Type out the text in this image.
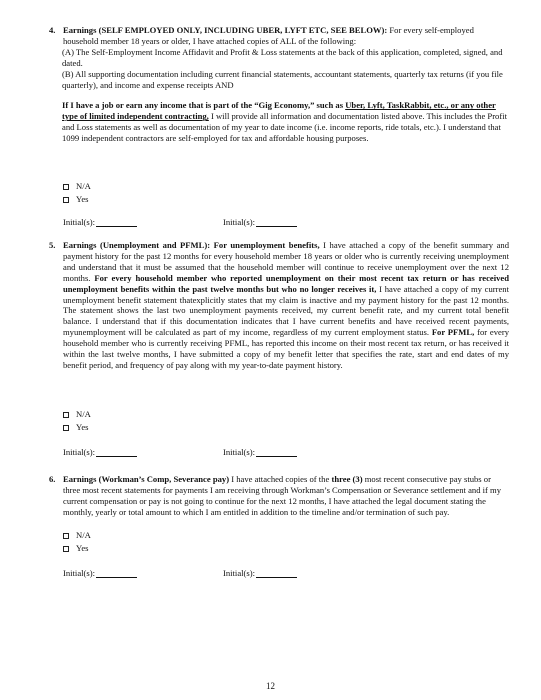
4. Earnings (SELF EMPLOYED ONLY, INCLUDING UBER, LYFT ETC, SEE BELOW): For every self-employed household member 18 years or older, I have attached copies of ALL of the following:

(A) The Self-Employment Income Affidavit and Profit & Loss statements at the back of this application, completed, signed, and dated.

(B) All supporting documentation including current financial statements, accountant statements, quarterly tax returns (if you file quarterly), and income and expense receipts AND

If I have a job or earn any income that is part of the “Gig Economy,” such as Uber, Lyft, TaskRabbit, etc., or any other type of limited independent contracting, I will provide all information and documentation listed above. This includes the Profit and Loss statements as well as documentation of my year to date income (i.e. income reports, ride totals, etc.). I understand that 1099 independent contractors are self-employed for tax and affordable housing purposes.

N/A
Yes
Initial(s):	Initial(s):
5. Earnings (Unemployment and PFML): For unemployment benefits, I have attached a copy of the benefit summary and payment history for the past 12 months for every household member 18 years or older who is currently receiving unemployment and understand that it must be assumed that the household member will continue to receive unemployment over the next 12 months. For every household member who reported unemployment on their most recent tax return or has received unemployment benefits within the past twelve months but who no longer receives it, I have attached a copy of my current unemployment benefit statement thatexplicitly states that my claim is inactive and my payment history for the past 12 months. The statement shows the last two unemployment payments received, my current benefit rate, and my current total benefit balance. I understand that if this documentation indicates that I have current benefits and have received recent payments, myunemployment will be calculated as part of my income, regardless of my current employment status. For PFML, for every household member who is currently receiving PFML, has reported this income on their most recent tax return, or has received it within the last twelve months, I have submitted a copy of my benefit letter that specifies the rate, start and end dates of my benefit period, and frequency of pay along with my year-to-date payment history.

N/A
Yes
Initial(s):	Initial(s):
6. Earnings (Workman’s Comp, Severance pay) I have attached copies of the three (3) most recent consecutive pay stubs or three most recent statements for payments I am receiving through Workman’s Compensation or Severance settlement and if my current compensation or pay is not going to continue for the next 12 months, I have attached the legal document stating the monthly, yearly or total amount to which I am entitled in addition to the timeline and/or termination of such pay.

N/A
Yes
Initial(s):	Initial(s):
12
